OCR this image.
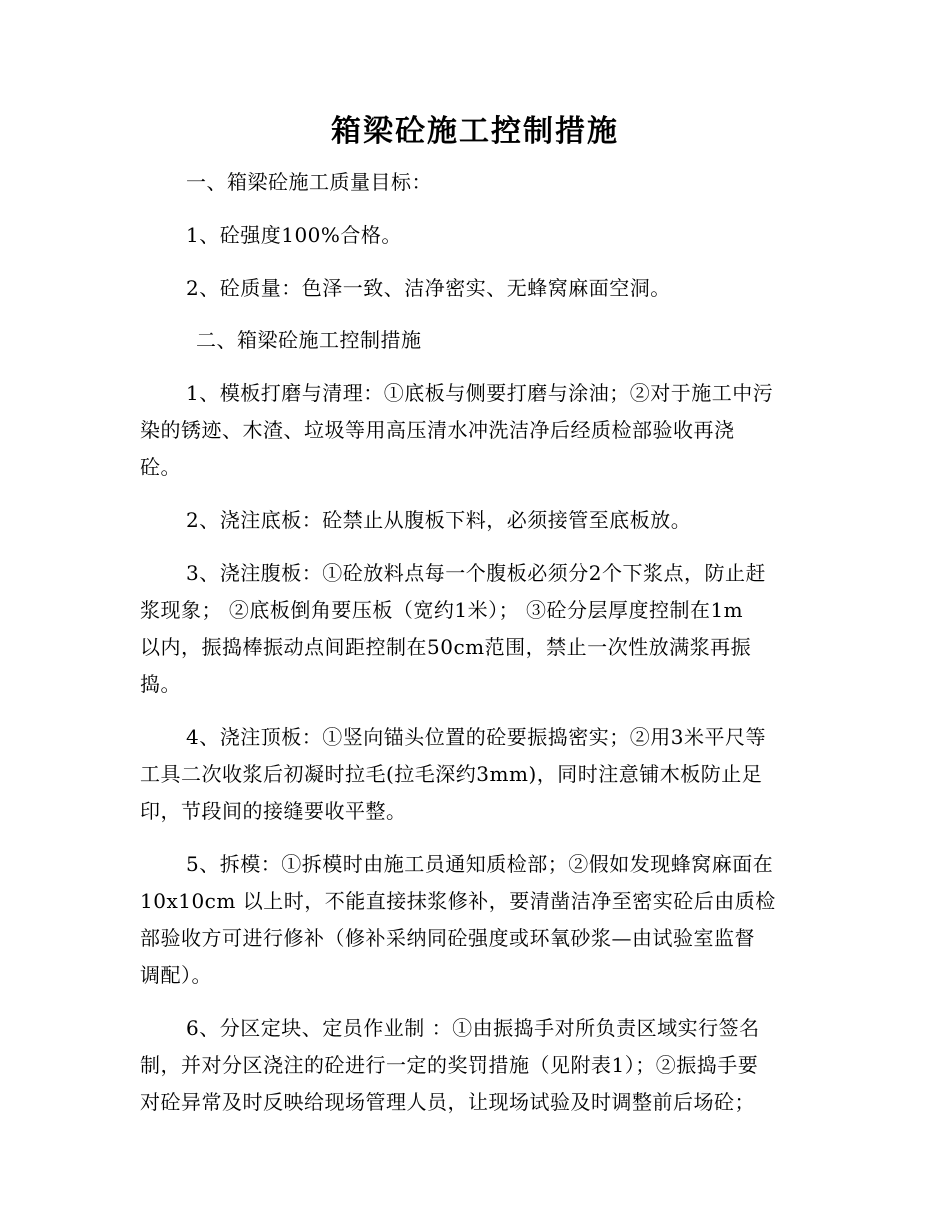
箱梁砼施工控制措施
一、箱梁砼施工质量目标：
1、砼强度100%合格。
2、砼质量：色泽一致、洁净密实、无蜂窝麻面空洞。
二、箱梁砼施工控制措施
1、模板打磨与清理：①底板与侧要打磨与涂油；②对于施工中污
染的锈迹、木渣、垃圾等用高压清水冲洗洁净后经质检部验收再浇
砼。
2、浇注底板：砼禁止从腹板下料，必须接管至底板放。
3、浇注腹板：①砼放料点每一个腹板必须分2个下浆点，防止赶
浆现象； ②底板倒角要压板（宽约1米）； ③砼分层厚度控制在1m
以内，振捣棒振动点间距控制在50cm范围，禁止一次性放满浆再振
捣。
4、浇注顶板：①竖向锚头位置的砼要振捣密实；②用3米平尺等
工具二次收浆后初凝时拉毛(拉毛深约3mm)，同时注意铺木板防止足
印，节段间的接缝要收平整。
5、拆模：①拆模时由施工员通知质检部；②假如发现蜂窝麻面在
10x10cm 以上时，不能直接抹浆修补，要清凿洁净至密实砼后由质检
部验收方可进行修补（修补采纳同砼强度或环氧砂浆—由试验室监督
调配）。
6、分区定块、定员作业制 ：①由振捣手对所负责区域实行签名
制，并对分区浇注的砼进行一定的奖罚措施（见附表1）；②振捣手要
对砼异常及时反映给现场管理人员，让现场试验及时调整前后场砼；
